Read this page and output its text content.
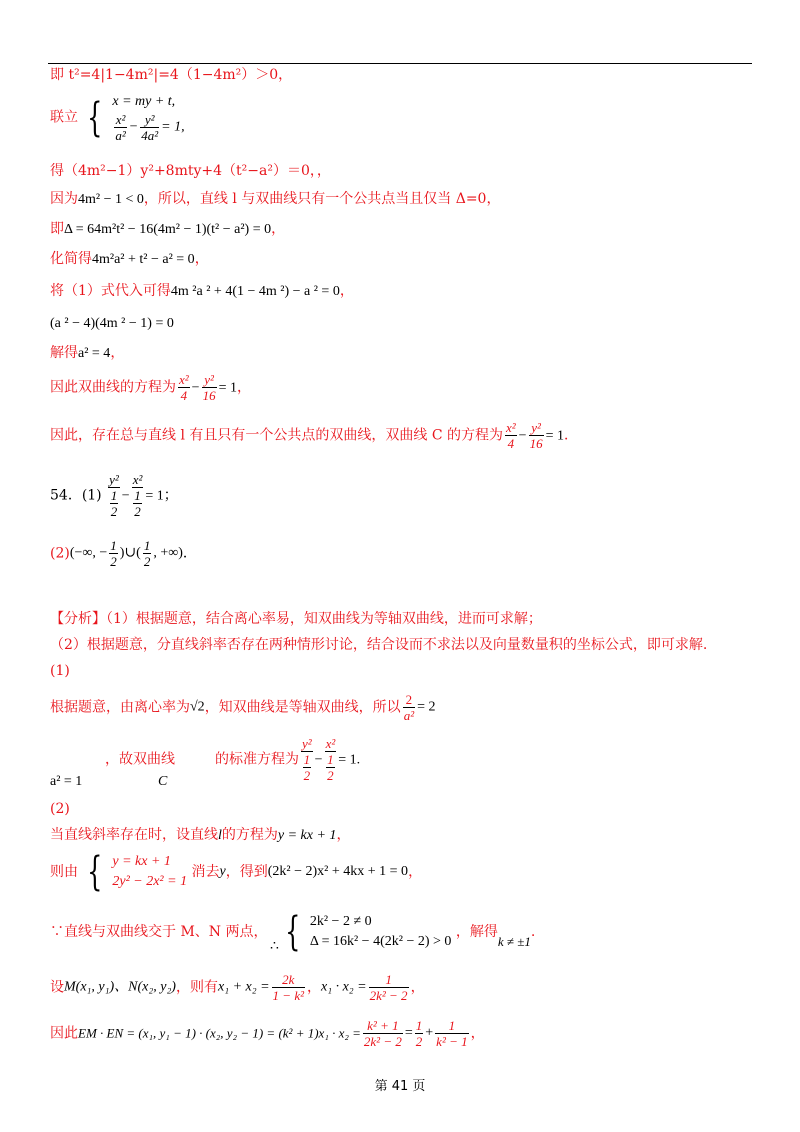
即 t²=4|1−4m²|=4（1−4m²）＞0，
联立 { x = my + t,
$\frac{\text{x²}}{\text{a²}} - \frac{\text{y²}}{\text{4a²}} = 1$,
得（4m²−1）y²+8mty+4（t²−a²）＝0，，
因为4m² − 1 < 0，所以，直线 l 与双曲线只有一个公共点当且仅当 Δ=0，
即Δ = 64m²t² − 16(4m² − 1)(t² − a²) = 0，
化简得4m²a² + t² − a² = 0，
将（1）式代入可得4m ²a ² + 4(1 − 4m ²) − a ² = 0，
(a ² − 4)(4m ² − 1) = 0
解得a² = 4，
因此双曲线的方程为 $\frac{\text{x²}}{4} - \frac{\text{y²}}{16} = 1$，
因此，存在总与直线 l 有且只有一个公共点的双曲线，双曲线 C 的方程为 $\frac{\text{x²}}{4} - \frac{\text{y²}}{16} = 1$．
54．$(1) \frac{\text{y²}}{\frac{1}{2}} - \frac{\text{x²}}{\frac{1}{2}} = 1$；
(2)(−∞, − $\frac{1}{2}$ )∪( $\frac{1}{2}$ , +∞)．
【分析】（1）根据题意，结合离心率易，知双曲线为等轴双曲线，进而可求解；
（2）根据题意，分直线斜率否存在两种情形讨论，结合设而不求法以及向量数量积的坐标公式，即可求解.
(1)
根据题意，由离心率为√2，知双曲线是等轴双曲线，所以 $\frac{2}{\text{a²}} = 2$
，故双曲线	的标准方程为 $\frac{\text{y²}}{\frac{1}{2}} - \frac{\text{x²}}{\frac{1}{2}} = 1$.
a² = 1	C
(2)
当直线斜率存在时，设直线l的方程为y = kx + 1，
则由 { y = kx + 1
2y² − 2x² = 1
消去y，得到(2k² − 2)x² + 4kx + 1 = 0，
∵直线与双曲线交于 M、N 两点，
∴ { 2k² − 2 ≠ 0
Δ = 16k² − 4(2k² − 2) > 0
，解得k ≠ ±1.
设M(x₁, y₁)、N(x₂, y₂)，则有$x_1 + x_2 = \frac{2k}{\text{1 − k²}}$ ，$x_1 \cdot x_2 = \frac{1}{\text{2k² − 2}}$ ，
因此EM · EN = (x₁, y₁ − 1) · (x₂, $y_2 - 1) = (k^2 + 1)x_1 \cdot x_2 = \frac{\text{k² + 1}}{\text{2k² − 2}} = \frac{1}{2} + \frac{1}{\text{k² − 1}}$ ，
第 41 页
